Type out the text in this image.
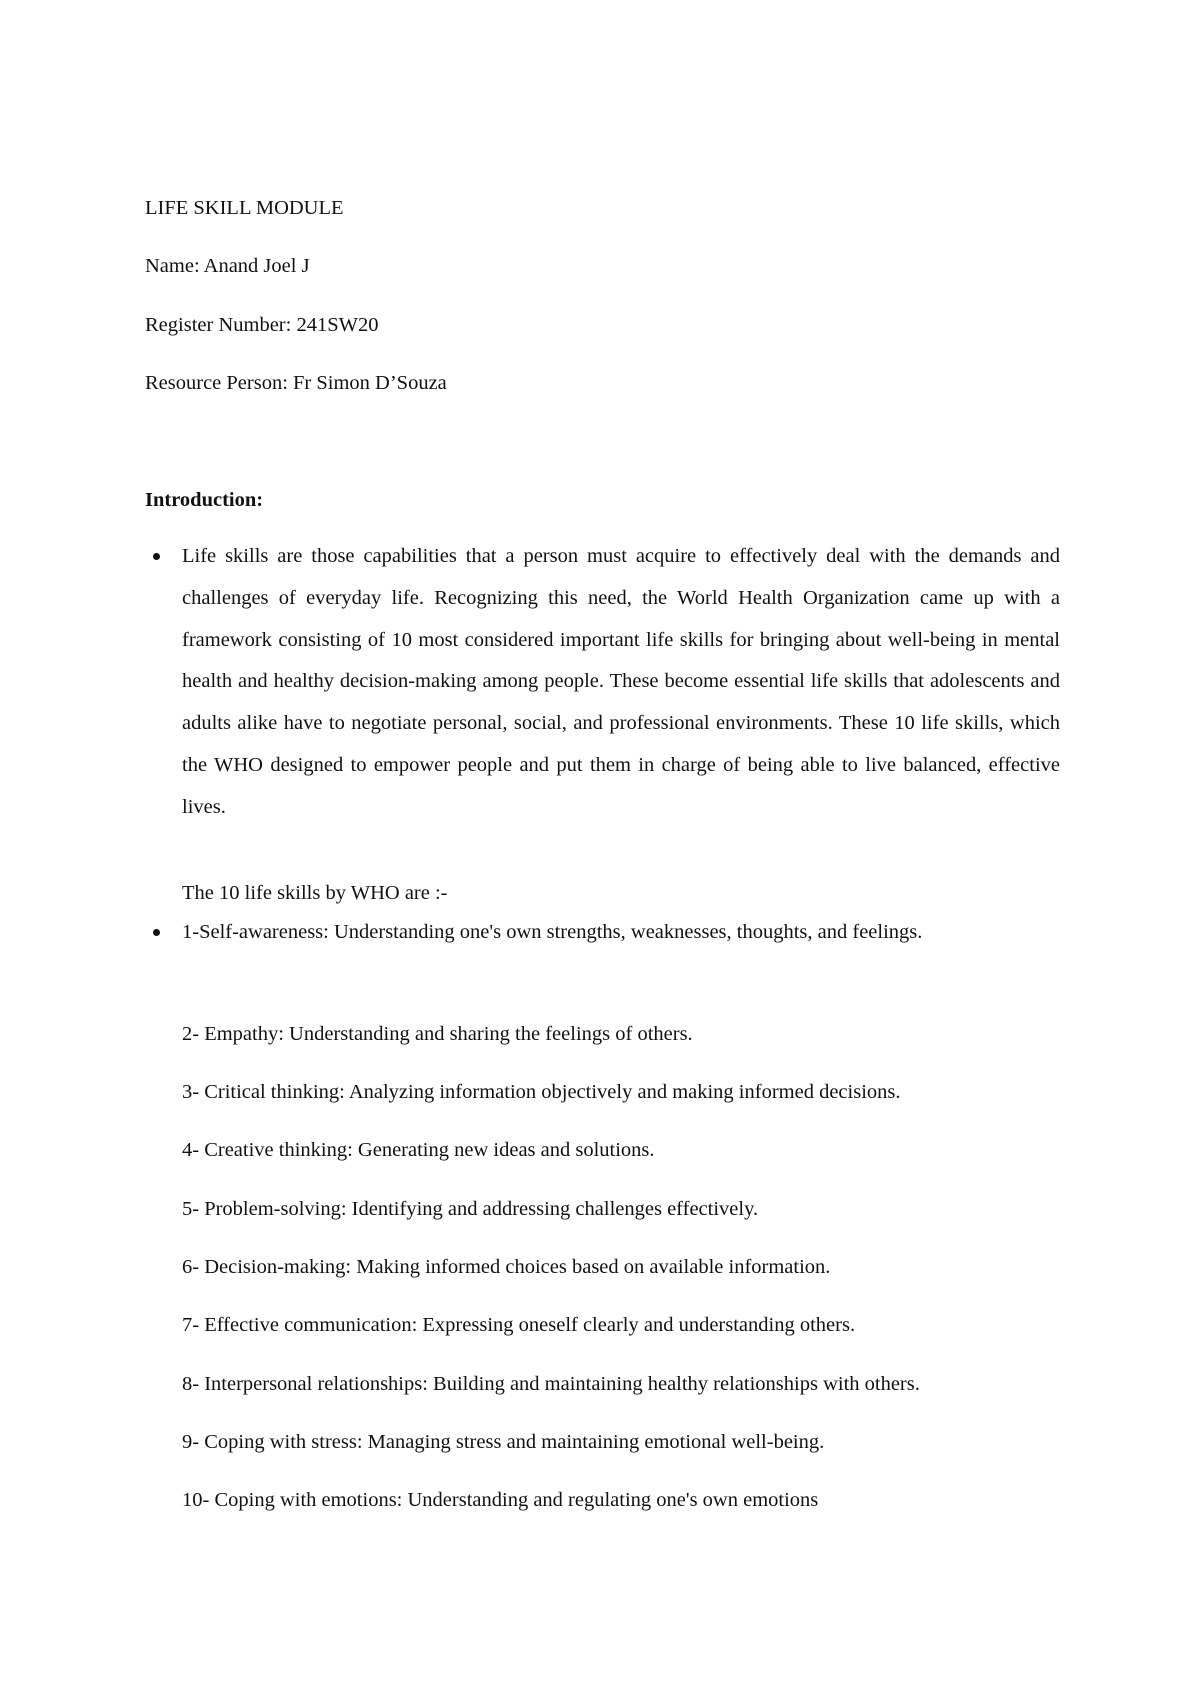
LIFE SKILL MODULE
Name: Anand Joel J
Register Number: 241SW20
Resource Person: Fr Simon D’Souza
Introduction:
Life skills are those capabilities that a person must acquire to effectively deal with the demands and challenges of everyday life. Recognizing this need, the World Health Organization came up with a framework consisting of 10 most considered important life skills for bringing about well-being in mental health and healthy decision-making among people. These become essential life skills that adolescents and adults alike have to negotiate personal, social, and professional environments. These 10 life skills, which the WHO designed to empower people and put them in charge of being able to live balanced, effective lives.
The 10 life skills by WHO are :-
1-Self-awareness: Understanding one's own strengths, weaknesses, thoughts, and feelings.
2- Empathy: Understanding and sharing the feelings of others.
3- Critical thinking: Analyzing information objectively and making informed decisions.
4- Creative thinking: Generating new ideas and solutions.
5- Problem-solving: Identifying and addressing challenges effectively.
6- Decision-making: Making informed choices based on available information.
7- Effective communication: Expressing oneself clearly and understanding others.
8- Interpersonal relationships: Building and maintaining healthy relationships with others.
9- Coping with stress: Managing stress and maintaining emotional well-being.
10- Coping with emotions: Understanding and regulating one's own emotions
